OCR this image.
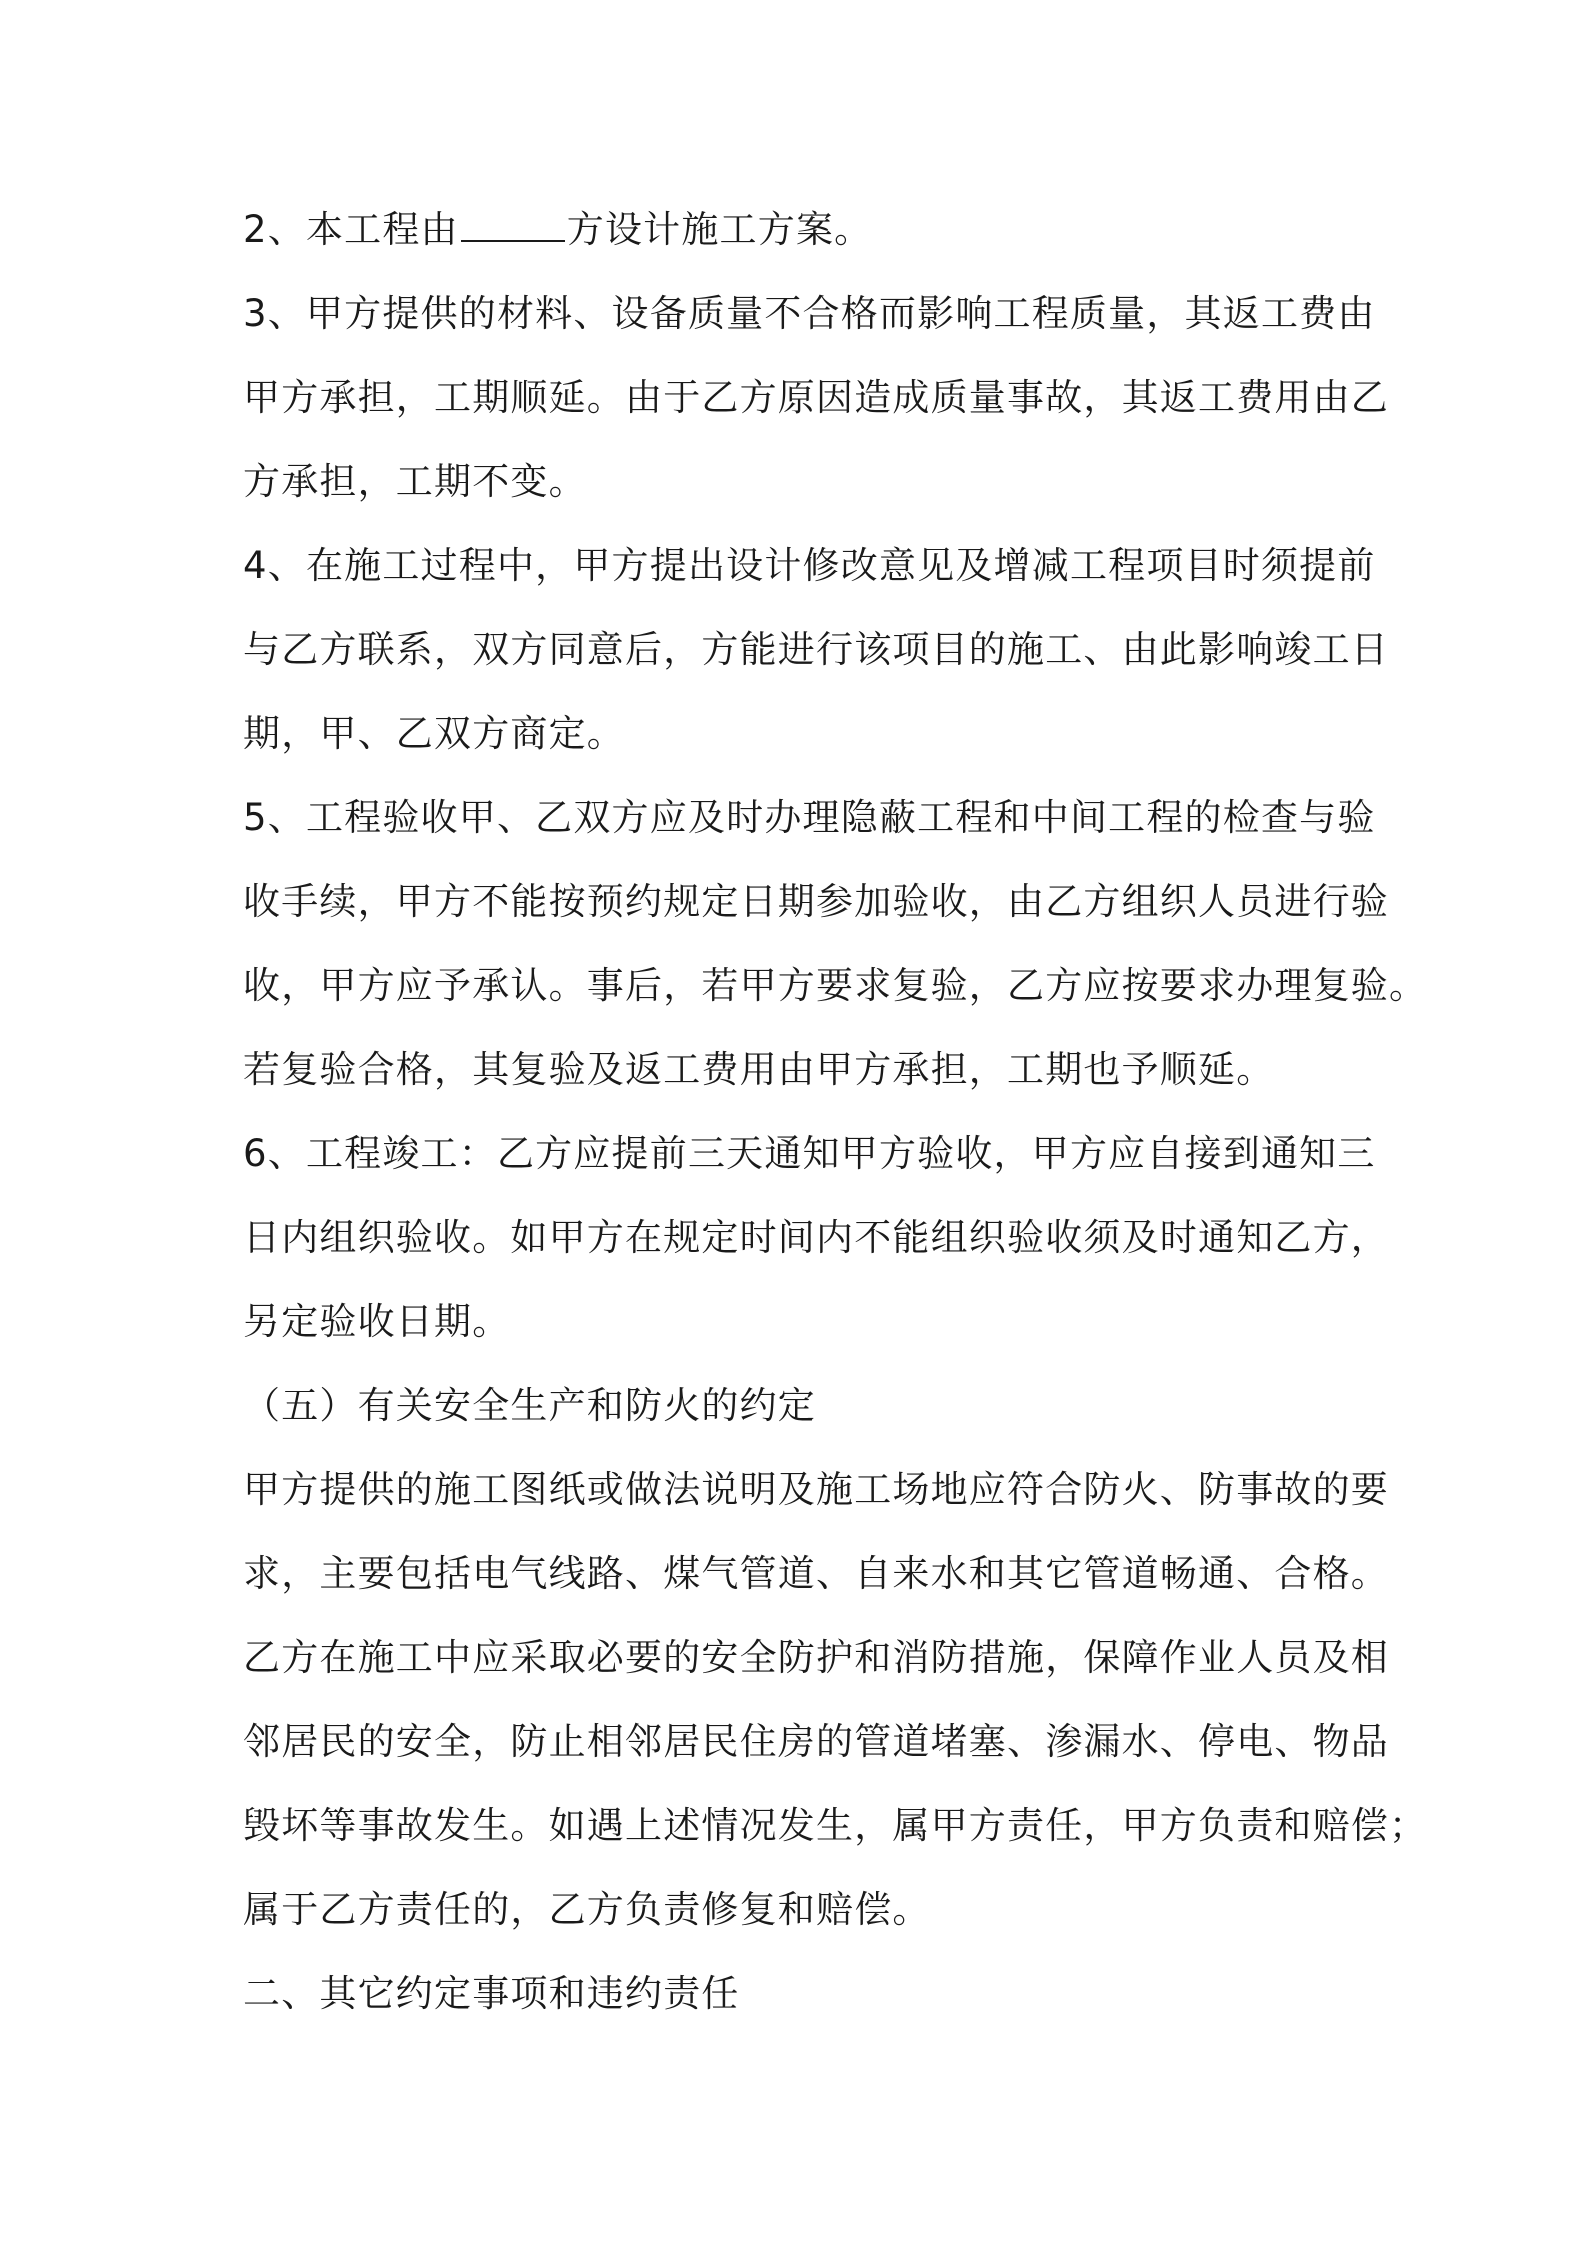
2、本工程由	方设计施工方案。
3、甲方提供的材料、设备质量不合格而影响工程质量，其返工费由
甲方承担，工期顺延。由于乙方原因造成质量事故，其返工费用由乙
方承担，工期不变。
4、在施工过程中，甲方提出设计修改意见及增减工程项目时须提前
与乙方联系，双方同意后，方能进行该项目的施工、由此影响竣工日
期，甲、乙双方商定。
5、工程验收甲、乙双方应及时办理隐蔽工程和中间工程的检查与验
收手续，甲方不能按预约规定日期参加验收，由乙方组织人员进行验
收，甲方应予承认。事后，若甲方要求复验，乙方应按要求办理复验。
若复验合格，其复验及返工费用由甲方承担，工期也予顺延。
6、工程竣工：乙方应提前三天通知甲方验收，甲方应自接到通知三
日内组织验收。如甲方在规定时间内不能组织验收须及时通知乙方，
另定验收日期。
（五）有关安全生产和防火的约定
甲方提供的施工图纸或做法说明及施工场地应符合防火、防事故的要
求，主要包括电气线路、煤气管道、自来水和其它管道畅通、合格。
乙方在施工中应采取必要的安全防护和消防措施，保障作业人员及相
邻居民的安全，防止相邻居民住房的管道堵塞、渗漏水、停电、物品
毁坏等事故发生。如遇上述情况发生，属甲方责任，甲方负责和赔偿；
属于乙方责任的，乙方负责修复和赔偿。
二、其它约定事项和违约责任
